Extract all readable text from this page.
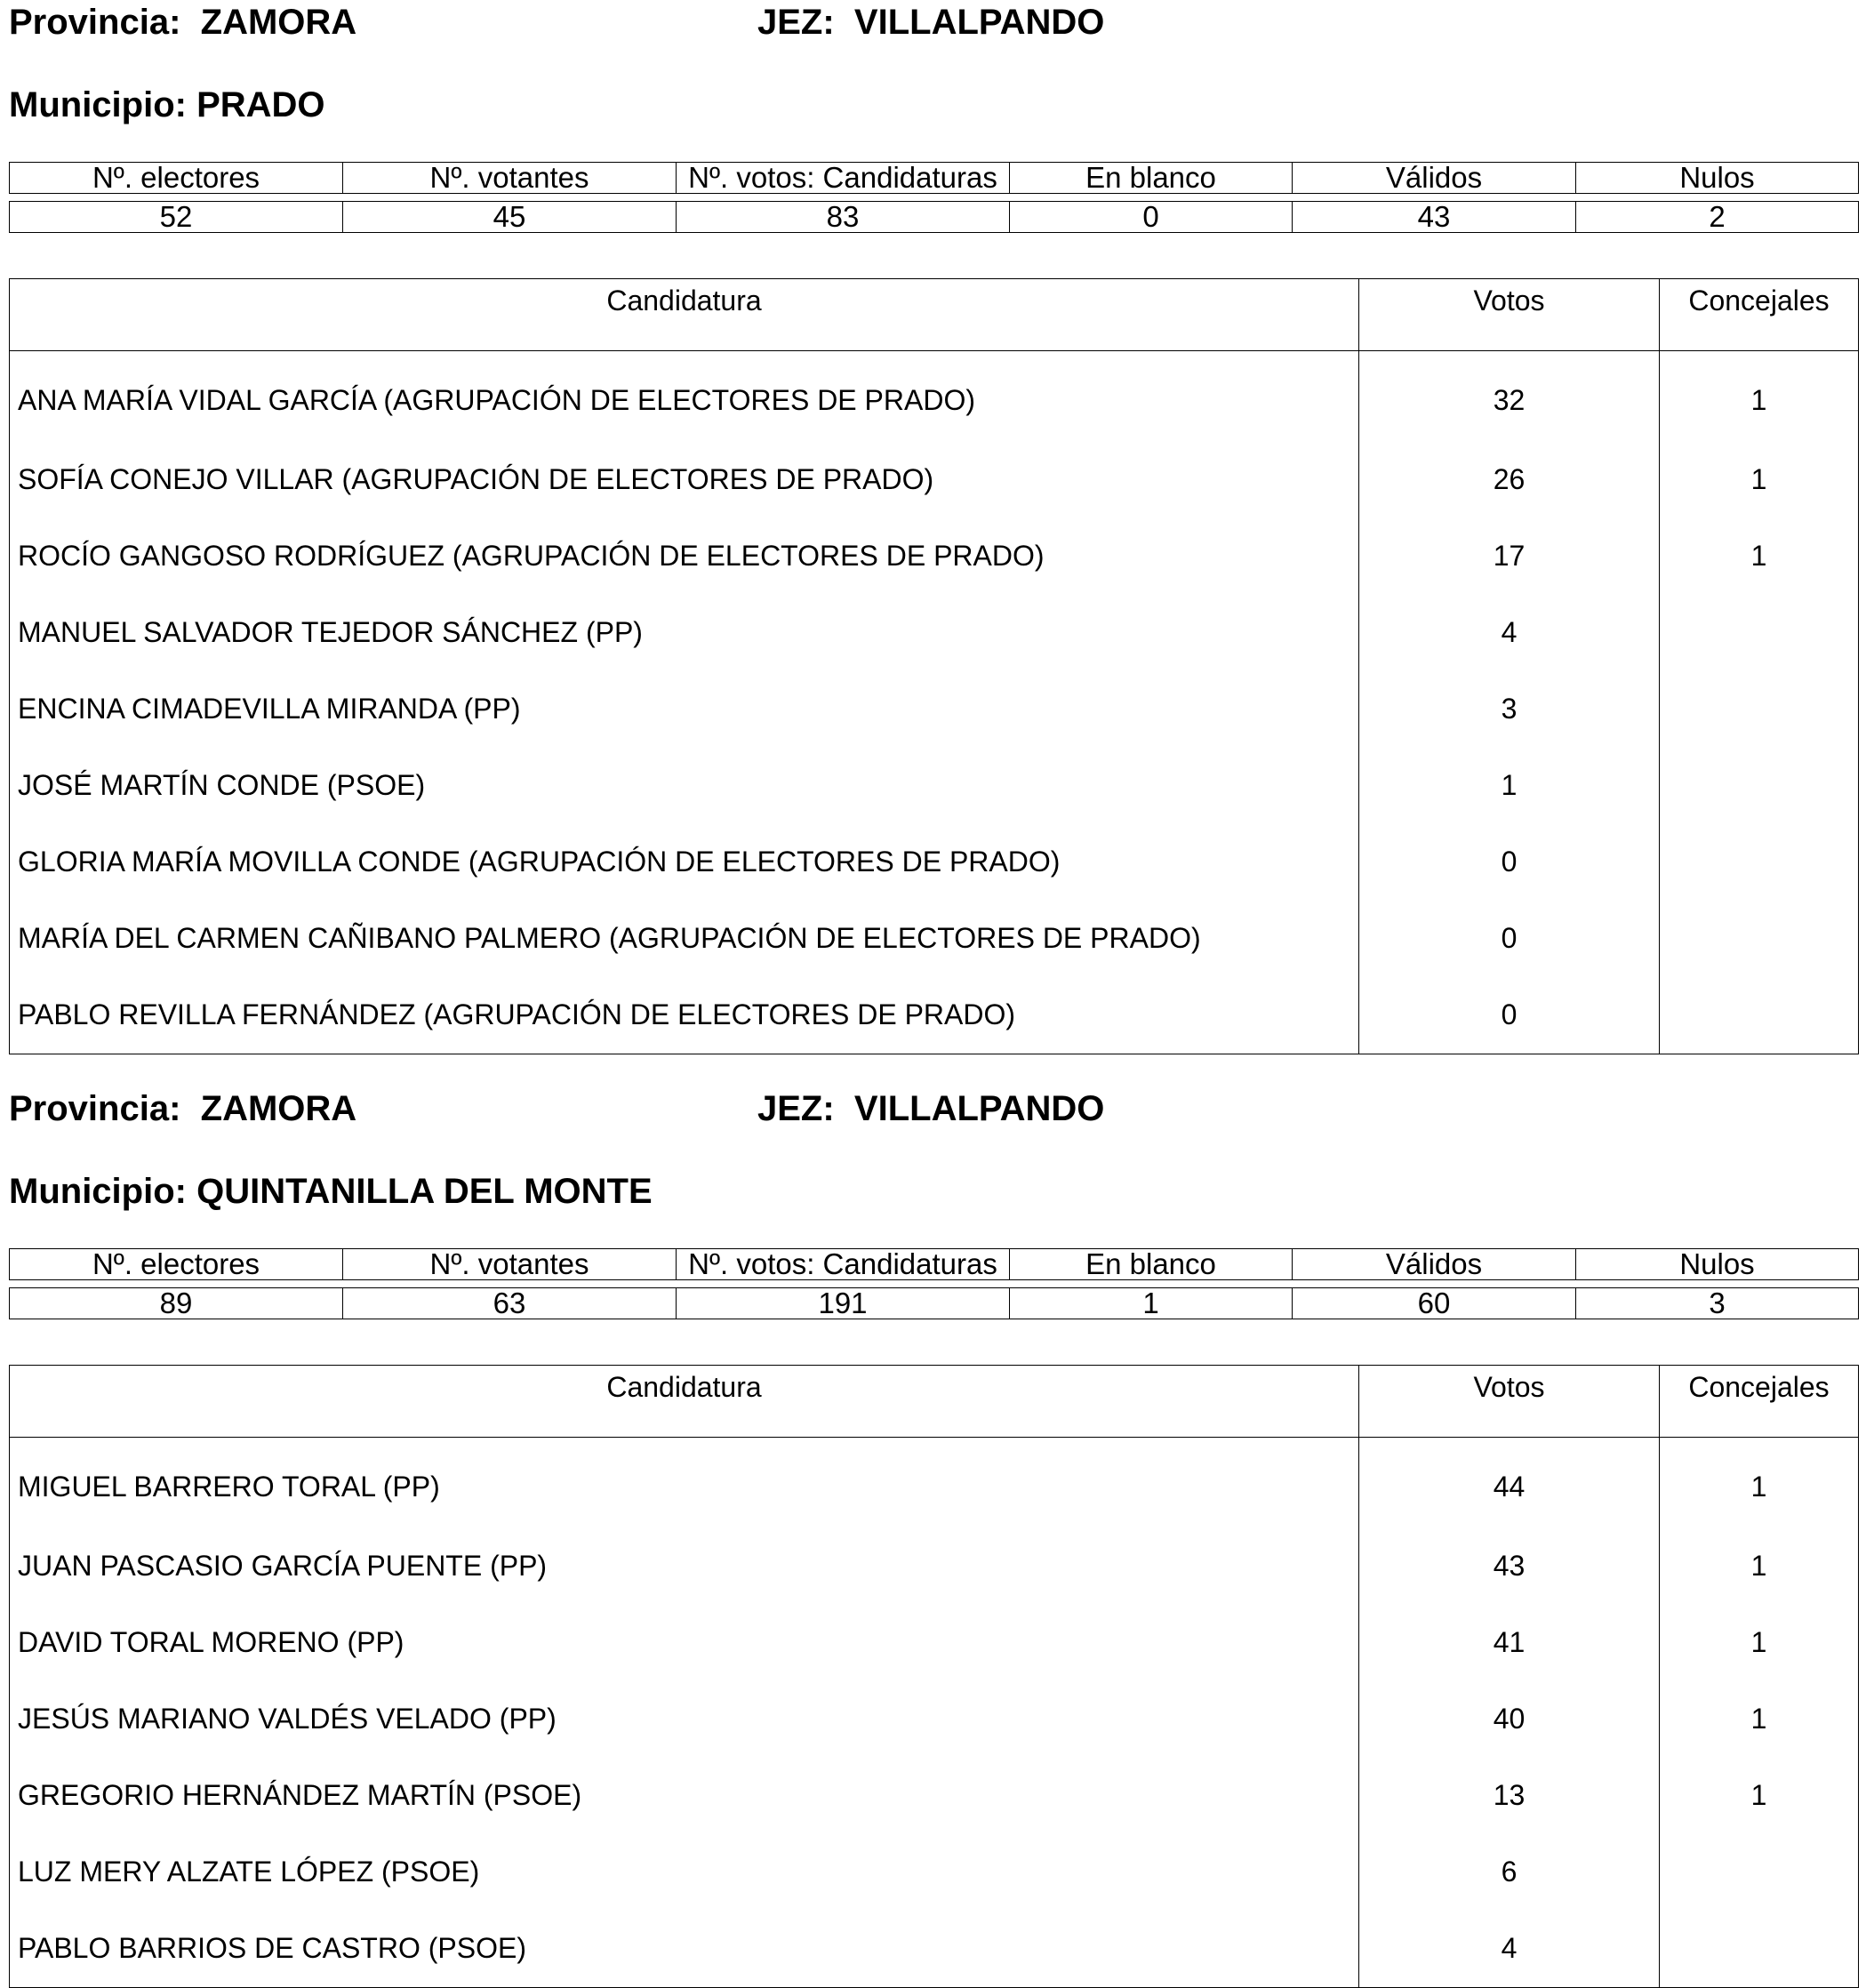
Provincia: ZAMORA	JEZ: VILLALPANDO
Municipio: PRADO
Nº. electores	Nº. votantes	Nº. votos: Candidaturas	En blanco	Válidos	Nulos
52	45	83	0	43	2
Candidatura	Votos	Concejales
ANA MARÍA VIDAL GARCÍA (AGRUPACIÓN DE ELECTORES DE PRADO)	32	1
SOFÍA CONEJO VILLAR (AGRUPACIÓN DE ELECTORES DE PRADO)	26	1
ROCÍO GANGOSO RODRÍGUEZ (AGRUPACIÓN DE ELECTORES DE PRADO)	17	1
MANUEL SALVADOR TEJEDOR SÁNCHEZ (PP)	4	
ENCINA CIMADEVILLA MIRANDA (PP)	3	
JOSÉ MARTÍN CONDE (PSOE)	1	
GLORIA MARÍA MOVILLA CONDE (AGRUPACIÓN DE ELECTORES DE PRADO)	0	
MARÍA DEL CARMEN CAÑIBANO PALMERO (AGRUPACIÓN DE ELECTORES DE PRADO)	0	
PABLO REVILLA FERNÁNDEZ (AGRUPACIÓN DE ELECTORES DE PRADO)	0	
Provincia: ZAMORA	JEZ: VILLALPANDO
Municipio: QUINTANILLA DEL MONTE
Nº. electores	Nº. votantes	Nº. votos: Candidaturas	En blanco	Válidos	Nulos
89	63	191	1	60	3
Candidatura	Votos	Concejales
MIGUEL BARRERO TORAL (PP)	44	1
JUAN PASCASIO GARCÍA PUENTE (PP)	43	1
DAVID TORAL MORENO (PP)	41	1
JESÚS MARIANO VALDÉS VELADO (PP)	40	1
GREGORIO HERNÁNDEZ MARTÍN (PSOE)	13	1
LUZ MERY ALZATE LÓPEZ (PSOE)	6	
PABLO BARRIOS DE CASTRO (PSOE)	4	
